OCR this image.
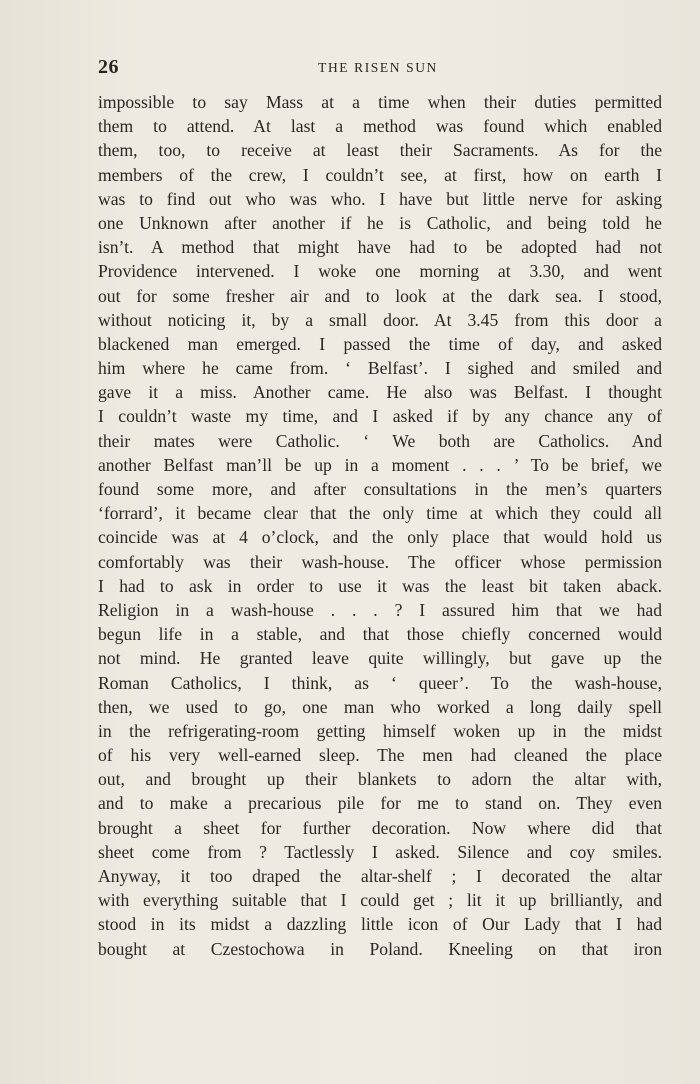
26	THE RISEN SUN
impossible to say Mass at a time when their duties permitted
them to attend. At last a method was found which enabled
them, too, to receive at least their Sacraments. As for the
members of the crew, I couldn’t see, at first, how on earth I
was to find out who was who. I have but little nerve for asking
one Unknown after another if he is Catholic, and being told he
isn’t. A method that might have had to be adopted had not
Providence intervened. I woke one morning at 3.30, and went
out for some fresher air and to look at the dark sea. I stood,
without noticing it, by a small door. At 3.45 from this door a
blackened man emerged. I passed the time of day, and asked
him where he came from. ‘ Belfast’. I sighed and smiled and
gave it a miss. Another came. He also was Belfast. I thought
I couldn’t waste my time, and I asked if by any chance any of
their mates were Catholic. ‘ We both are Catholics. And
another Belfast man’ll be up in a moment . . . ’ To be brief, we
found some more, and after consultations in the men’s quarters
‘forrard’, it became clear that the only time at which they could all
coincide was at 4 o’clock, and the only place that would hold us
comfortably was their wash-house. The officer whose permission
I had to ask in order to use it was the least bit taken aback.
Religion in a wash-house . . . ? I assured him that we had
begun life in a stable, and that those chiefly concerned would
not mind. He granted leave quite willingly, but gave up the
Roman Catholics, I think, as ‘ queer’. To the wash-house,
then, we used to go, one man who worked a long daily spell
in the refrigerating-room getting himself woken up in the midst
of his very well-earned sleep. The men had cleaned the place
out, and brought up their blankets to adorn the altar with,
and to make a precarious pile for me to stand on. They even
brought a sheet for further decoration. Now where did that
sheet come from ? Tactlessly I asked. Silence and coy smiles.
Anyway, it too draped the altar-shelf ; I decorated the altar
with everything suitable that I could get ; lit it up brilliantly, and
stood in its midst a dazzling little icon of Our Lady that I had
bought at Czestochowa in Poland. Kneeling on that iron
